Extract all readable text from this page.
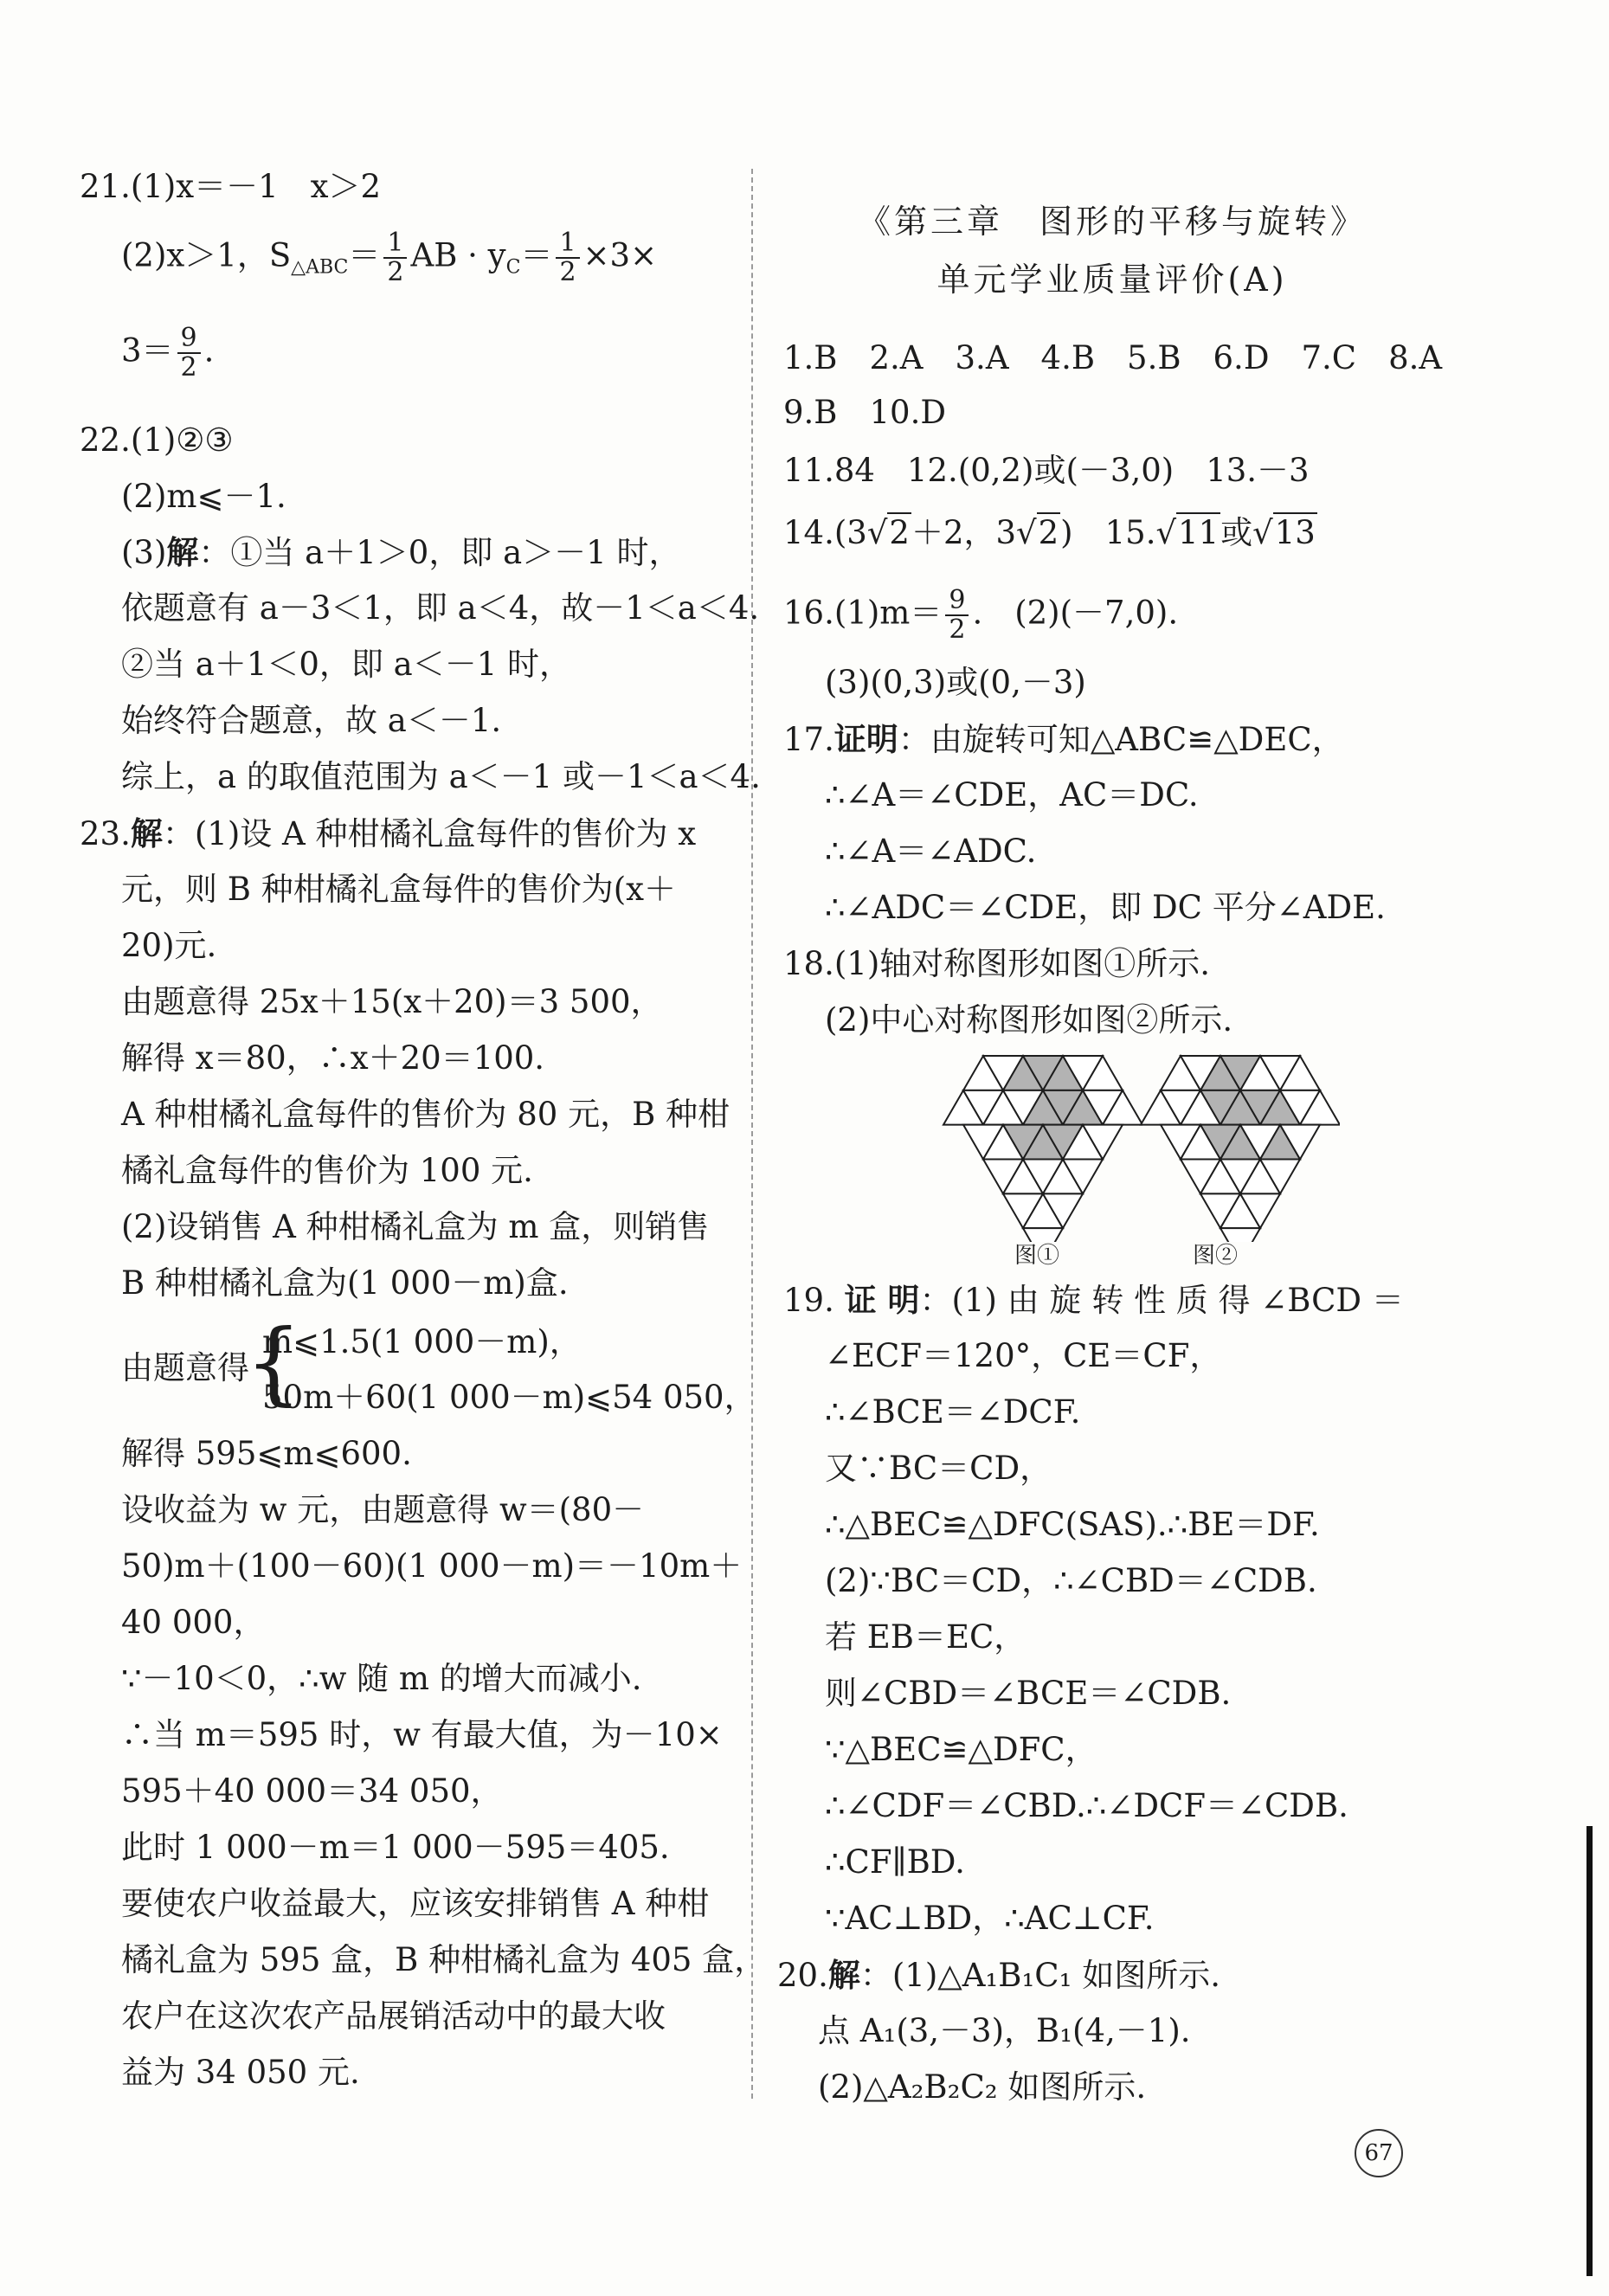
21.(1)x＝－1　x＞2
(2)x＞1，$S_{\triangle ABC}= \frac{1}{2}$ AB · $y_C= \frac{1}{2} \times 3\times$
$3= \frac{9}{2}$ .
22.(1)②③
(2)m⩽－1.
(3)解：①当 a＋1＞0，即 a＞－1 时，
依题意有 a－3＜1，即 a＜4，故－1＜a＜4.
②当 a＋1＜0，即 a＜－1 时，
始终符合题意，故 a＜－1.
综上，a 的取值范围为 a＜－1 或－1＜a＜4.
23.解：(1)设 A 种柑橘礼盒每件的售价为 x
元，则 B 种柑橘礼盒每件的售价为(x＋
20)元.
由题意得 25x＋15(x＋20)＝3 500，
解得 x＝80，∴x＋20＝100.
A 种柑橘礼盒每件的售价为 80 元，B 种柑
橘礼盒每件的售价为 100 元.
(2)设销售 A 种柑橘礼盒为 m 盒，则销售
B 种柑橘礼盒为(1 000－m)盒.
由题意得
{
m⩽1.5(1 000－m)，
50m＋60(1 000－m)⩽54 050，
解得 595⩽m⩽600.
设收益为 w 元，由题意得 w＝(80－
50)m＋(100－60)(1 000－m)＝－10m＋
40 000，
∵－10＜0，∴w 随 m 的增大而减小.
∴当 m＝595 时，w 有最大值，为－10×
595＋40 000＝34 050，
此时 1 000－m＝1 000－595＝405.
要使农户收益最大，应该安排销售 A 种柑
橘礼盒为 595 盒，B 种柑橘礼盒为 405 盒，
农户在这次农产品展销活动中的最大收
益为 34 050 元.
《第三章　图形的平移与旋转》
单元学业质量评价(A)
1.B　2.A　3.A　4.B　5.B　6.D　7.C　8.A
9.B　10.D
11.84　12.(0,2)或(－3,0)　13.－3
14.(3√2＋2，3√2)　15.√11或√13
$16.(1)m= \frac{9}{2}$ .　(2)(－7,0).
(3)(0,3)或(0,－3)
17.证明：由旋转可知△ABC≌△DEC，
∴∠A＝∠CDE，AC＝DC.
∴∠A＝∠ADC.
∴∠ADC＝∠CDE，即 DC 平分∠ADE.
18.(1)轴对称图形如图①所示.
(2)中心对称图形如图②所示.
图①	图②
19. 证 明：(1) 由 旋 转 性 质 得 ∠BCD ＝
∠ECF＝120°，CE＝CF，
∴∠BCE＝∠DCF.
又∵BC＝CD，
∴△BEC≌△DFC(SAS).∴BE＝DF.
(2)∵BC＝CD，∴∠CBD＝∠CDB.
若 EB＝EC，
则∠CBD＝∠BCE＝∠CDB.
∵△BEC≌△DFC，
∴∠CDF＝∠CBD.∴∠DCF＝∠CDB.
∴CF∥BD.
∵AC⊥BD，∴AC⊥CF.
20.解：(1)△A₁B₁C₁ 如图所示.
点 A₁(3,－3)，B₁(4,－1).
(2)△A₂B₂C₂ 如图所示.
67
